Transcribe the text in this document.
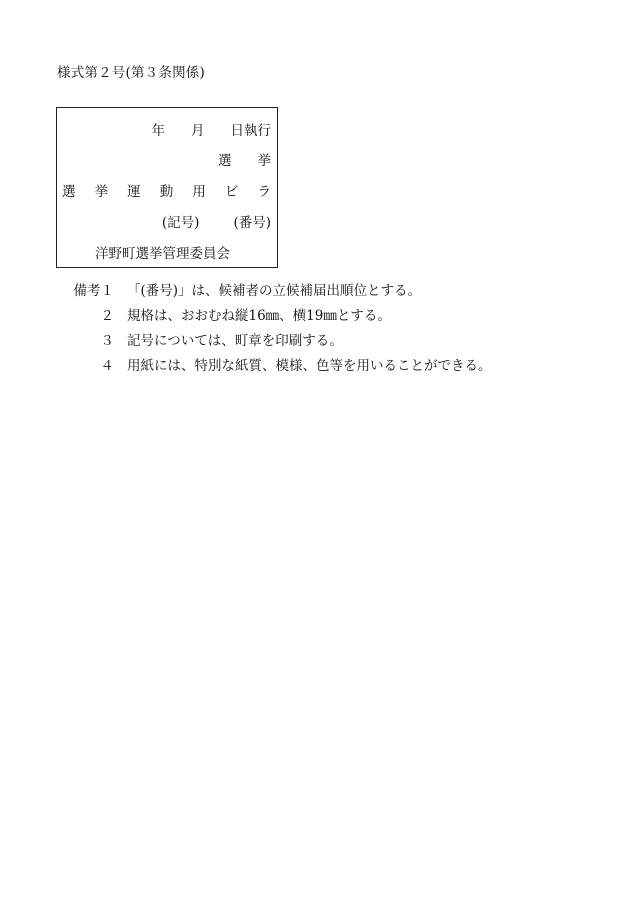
様式第２号(第３条関係)
年 月 日執行
選 挙
選 挙 運 動 用 ビ ラ
(記号)	(番号)
洋野町選挙管理委員会
備考１ 「(番号)」は、候補者の立候補届出順位とする。
２ 規格は、おおむね縦16㎜、横19㎜とする。
３ 記号については、町章を印刷する。
４ 用紙には、特別な紙質、模様、色等を用いることができる。
